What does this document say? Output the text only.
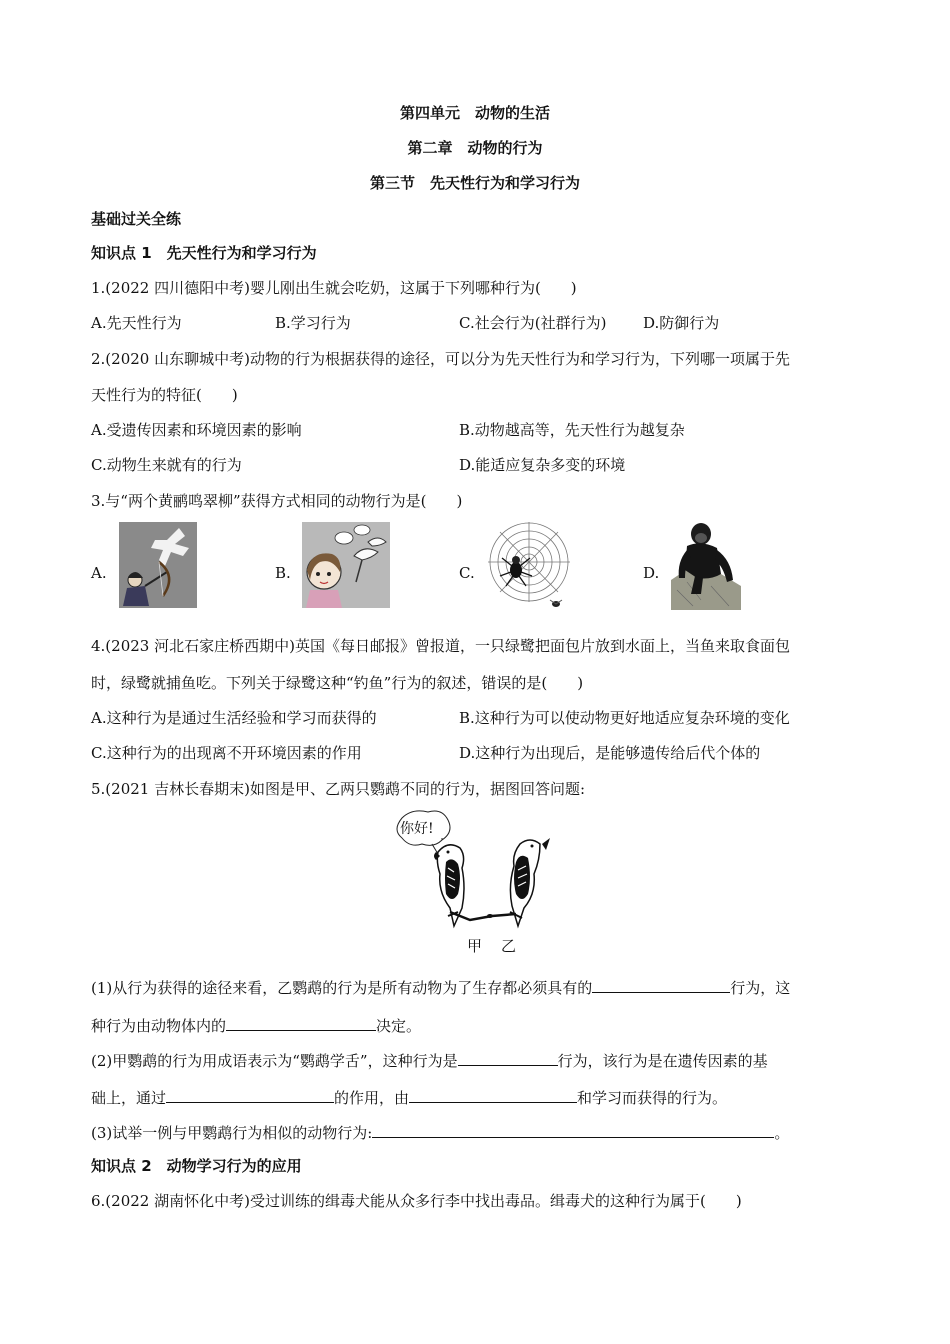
第四单元　动物的生活
第二章　动物的行为
第三节　先天性行为和学习行为
基础过关全练
知识点 1　先天性行为和学习行为
1.(2022 四川德阳中考)婴儿刚出生就会吃奶，这属于下列哪种行为(　　)
A.先天性行为	B.学习行为	C.社会行为(社群行为) D.防御行为
2.(2020 山东聊城中考)动物的行为根据获得的途径，可以分为先天性行为和学习行为，下列哪一项属于先
天性行为的特征(　　)
A.受遗传因素和环境因素的影响	B.动物越高等，先天性行为越复杂
C.动物生来就有的行为	D.能适应复杂多变的环境
3.与“两个黄鹂鸣翠柳”获得方式相同的动物行为是(　　)
A.	B.	C.	D.
4.(2023 河北石家庄桥西期中)英国《每日邮报》曾报道，一只绿鹭把面包片放到水面上，当鱼来取食面包
时，绿鹭就捕鱼吃。下列关于绿鹭这种“钓鱼”行为的叙述，错误的是(　　)
A.这种行为是通过生活经验和学习而获得的	B.这种行为可以使动物更好地适应复杂环境的变化
C.这种行为的出现离不开环境因素的作用	D.这种行为出现后，是能够遗传给后代个体的
5.(2021 吉林长春期末)如图是甲、乙两只鹦鹉不同的行为，据图回答问题:
你好!
甲 乙
(1)从行为获得的途径来看，乙鹦鹉的行为是所有动物为了生存都必须具有的	行为，这
种行为由动物体内的	决定。
(2)甲鹦鹉的行为用成语表示为“鹦鹉学舌”，这种行为是	行为，该行为是在遗传因素的基
础上，通过	的作用，由	和学习而获得的行为。
(3)试举一例与甲鹦鹉行为相似的动物行为:	。
知识点 2　动物学习行为的应用
6.(2022 湖南怀化中考)受过训练的缉毒犬能从众多行李中找出毒品。缉毒犬的这种行为属于(　　)
